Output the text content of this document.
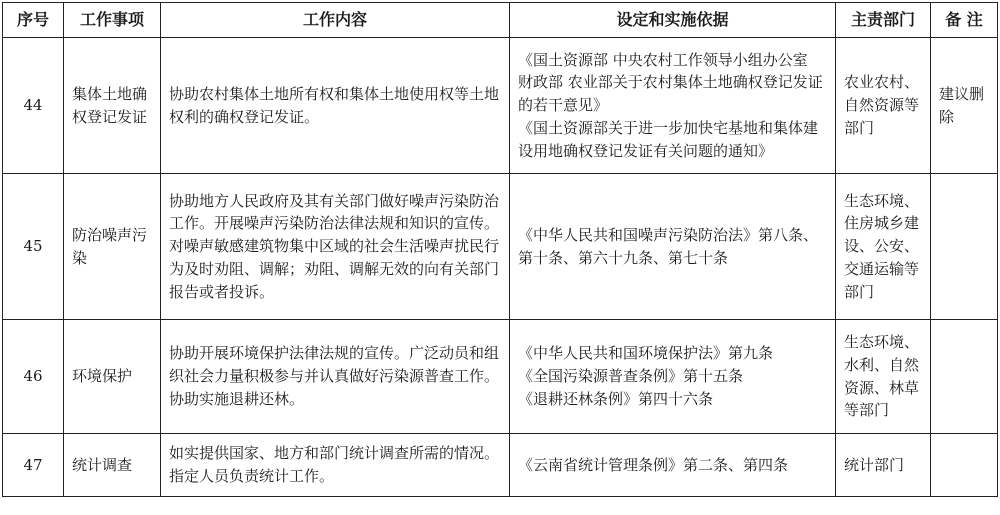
序号	工作事项	工作内容	设定和实施依据	主责部门	备 注
44	集体土地确权登记发证	协助农村集体土地所有权和集体土地使用权等土地权利的确权登记发证。	《国土资源部 中央农村工作领导小组办公室 财政部 农业部关于农村集体土地确权登记发证的若干意见》
《国土资源部关于进一步加快宅基地和集体建设用地确权登记发证有关问题的通知》	农业农村、自然资源等部门	建议删除
45	防治噪声污染	协助地方人民政府及其有关部门做好噪声污染防治工作。开展噪声污染防治法律法规和知识的宣传。对噪声敏感建筑物集中区域的社会生活噪声扰民行为及时劝阻、调解；劝阻、调解无效的向有关部门报告或者投诉。	《中华人民共和国噪声污染防治法》第八条、第十条、第六十九条、第七十条	生态环境、住房城乡建设、公安、交通运输等部门	
46	环境保护	协助开展环境保护法律法规的宣传。广泛动员和组织社会力量积极参与并认真做好污染源普查工作。协助实施退耕还林。	《中华人民共和国环境保护法》第九条
《全国污染源普查条例》第十五条
《退耕还林条例》第四十六条	生态环境、水利、自然资源、林草等部门	
47	统计调查	如实提供国家、地方和部门统计调查所需的情况。指定人员负责统计工作。	《云南省统计管理条例》第二条、第四条	统计部门	
